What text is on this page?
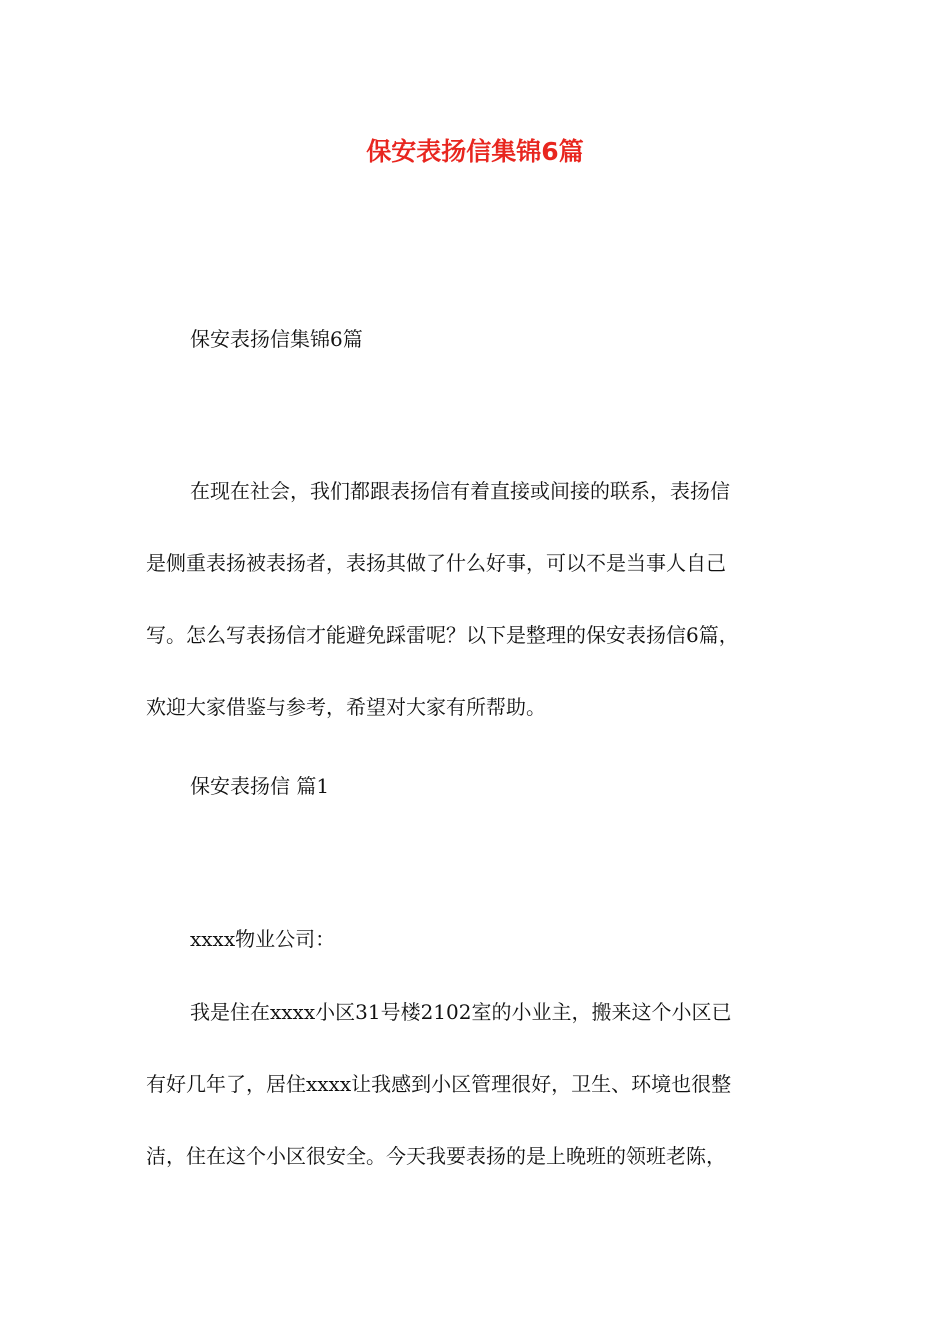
保安表扬信集锦6篇

保安表扬信集锦6篇

在现在社会，我们都跟表扬信有着直接或间接的联系，表扬信

是侧重表扬被表扬者，表扬其做了什么好事，可以不是当事人自己

写。怎么写表扬信才能避免踩雷呢？以下是整理的保安表扬信6篇，

欢迎大家借鉴与参考，希望对大家有所帮助。

保安表扬信 篇1

xxxx物业公司：

我是住在xxxx小区31号楼2102室的小业主，搬来这个小区已

有好几年了，居住xxxx让我感到小区管理很好，卫生、环境也很整

洁，住在这个小区很安全。今天我要表扬的是上晚班的领班老陈，
